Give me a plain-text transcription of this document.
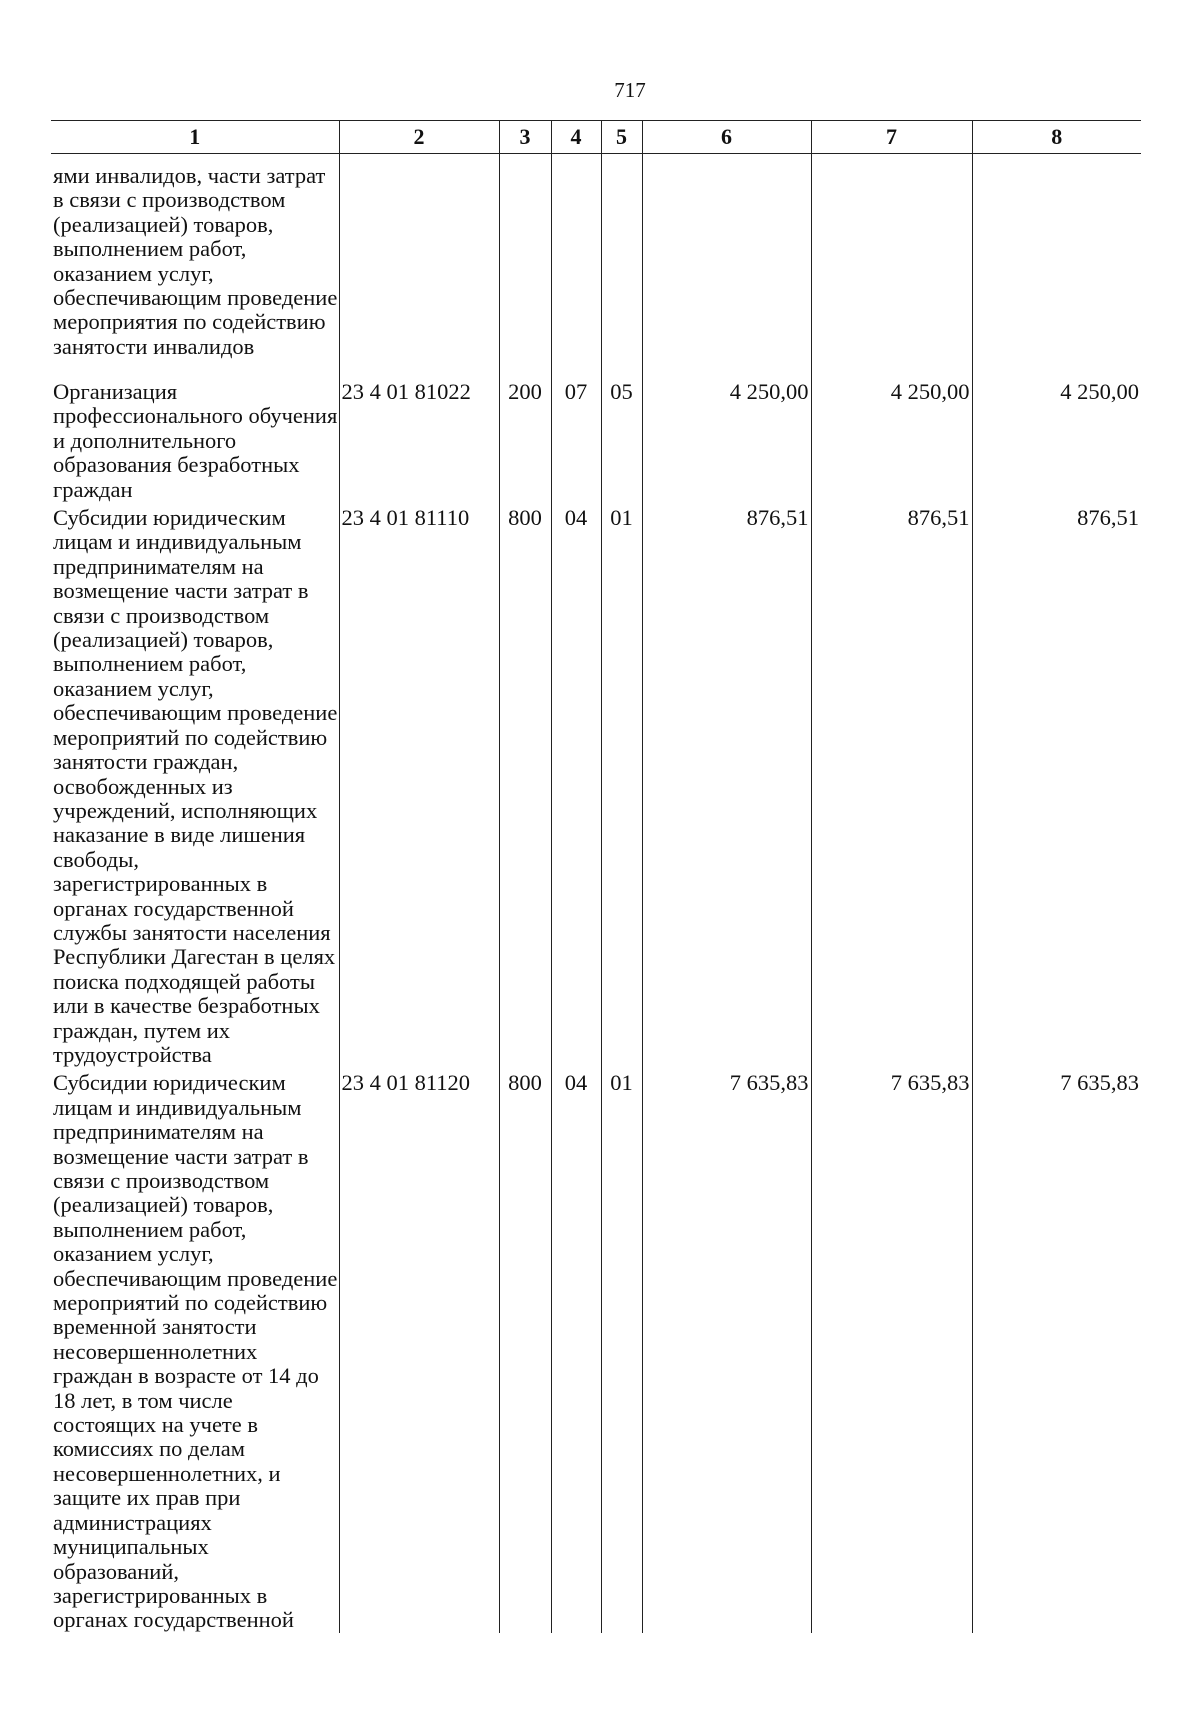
717
1	2	3	4	5	6	7	8
ями инвалидов, части затрат в связи с производством (реализацией) товаров, выполнением работ, оказанием услуг, обеспечивающим проведение мероприятия по содействию занятости инвалидов							
Организация профессионального обучения и дополнительного образования безработных граждан	23 4 01 81022	200	07	05	4 250,00	4 250,00	4 250,00
Субсидии юридическим лицам и индивидуальным предпринимателям на возмещение части затрат в связи с производством (реализацией) товаров, выполнением работ, оказанием услуг, обеспечивающим проведение мероприятий по содействию занятости граждан, освобожденных из учреждений, исполняющих наказание в виде лишения свободы, зарегистрированных в органах государственной службы занятости населения Республики Дагестан в целях поиска подходящей работы или в качестве безработных граждан, путем их трудоустройства	23 4 01 81110	800	04	01	876,51	876,51	876,51
Субсидии юридическим лицам и индивидуальным предпринимателям на возмещение части затрат в связи с производством (реализацией) товаров, выполнением работ, оказанием услуг, обеспечивающим проведение мероприятий по содействию временной занятости несовершеннолетних граждан в возрасте от 14 до 18 лет, в том числе состоящих на учете в комиссиях по делам несовершеннолетних, и защите их прав при администрациях муниципальных образований, зарегистрированных в органах государственной	23 4 01 81120	800	04	01	7 635,83	7 635,83	7 635,83
